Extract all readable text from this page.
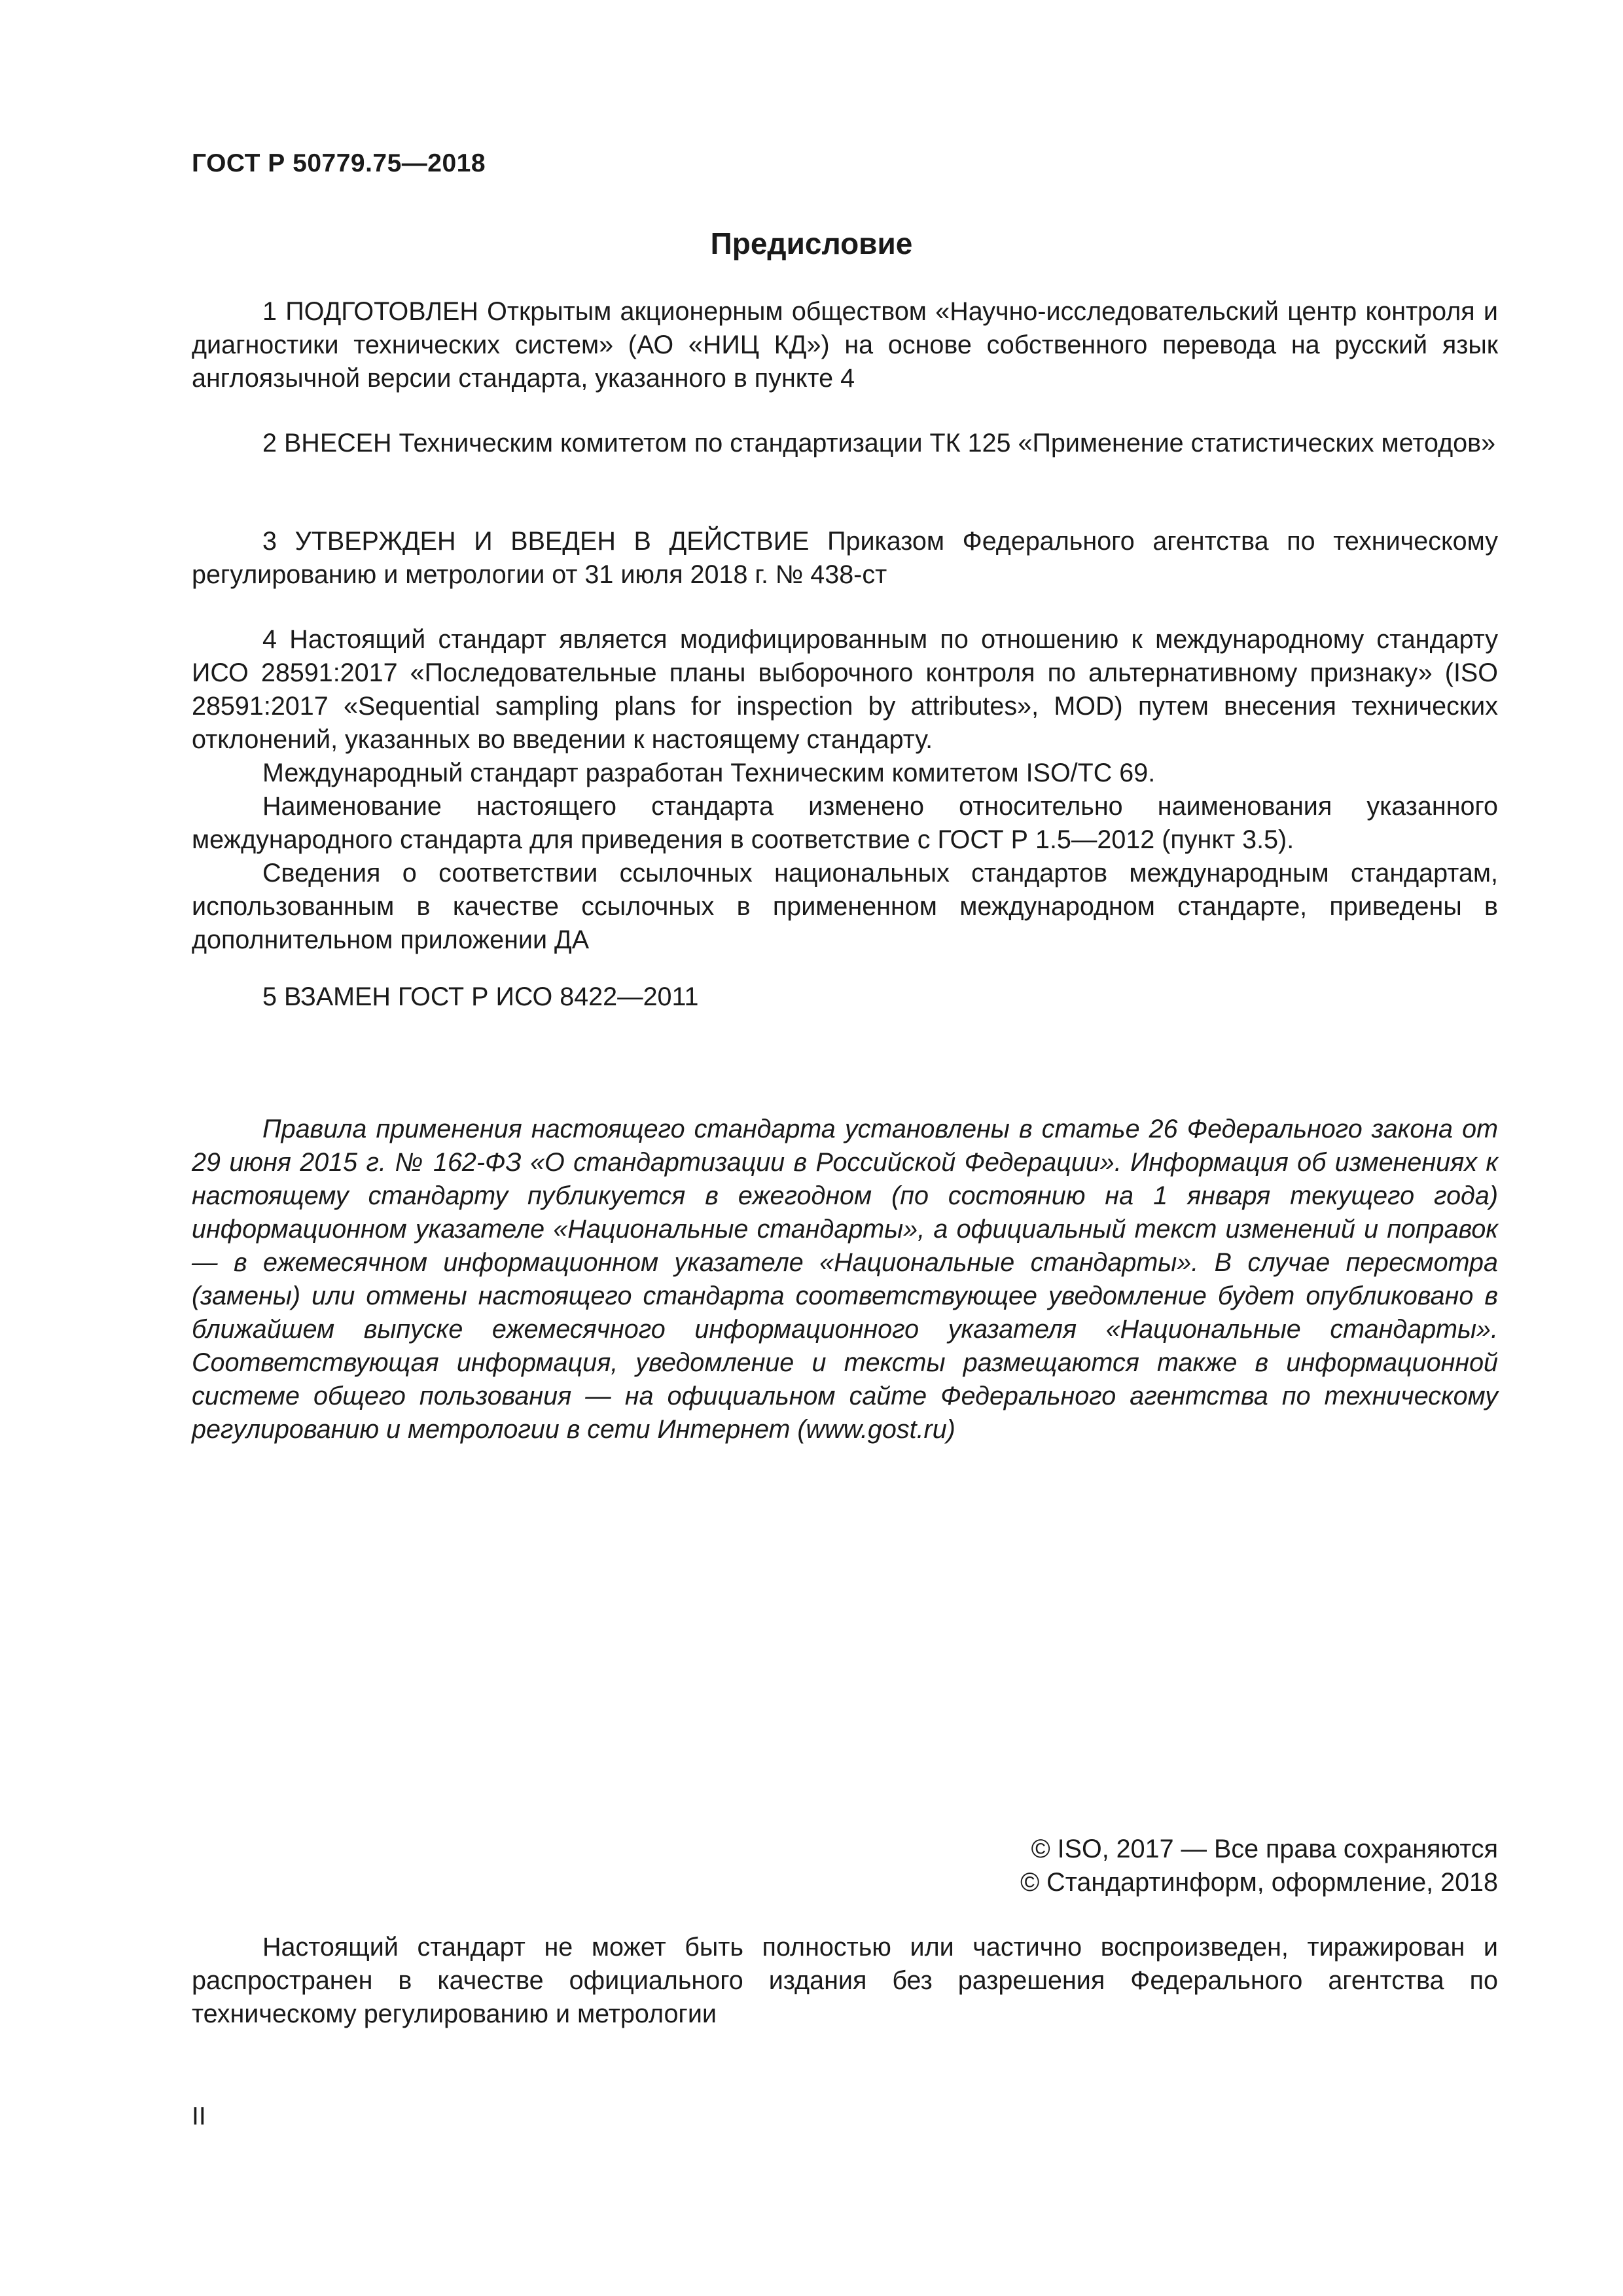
ГОСТ Р 50779.75—2018
Предисловие

1 ПОДГОТОВЛЕН Открытым акционерным обществом «Научно-исследовательский центр контроля и диагностики технических систем» (АО «НИЦ КД») на основе собственного перевода на русский язык англоязычной версии стандарта, указанного в пункте 4

2 ВНЕСЕН Техническим комитетом по стандартизации ТК 125 «Применение статистических методов»

3 УТВЕРЖДЕН И ВВЕДЕН В ДЕЙСТВИЕ Приказом Федерального агентства по техническому регулированию и метрологии от 31 июля 2018 г. № 438-ст

4 Настоящий стандарт является модифицированным по отношению к международному стандарту ИСО 28591:2017 «Последовательные планы выборочного контроля по альтернативному признаку» (ISO 28591:2017 «Sequential sampling plans for inspection by attributes», MOD) путем внесения технических отклонений, указанных во введении к настоящему стандарту.

Международный стандарт разработан Техническим комитетом ISO/TC 69.

Наименование настоящего стандарта изменено относительно наименования указанного международного стандарта для приведения в соответствие с ГОСТ Р 1.5—2012 (пункт 3.5).

Сведения о соответствии ссылочных национальных стандартов международным стандартам, использованным в качестве ссылочных в примененном международном стандарте, приведены в дополнительном приложении ДА

5 ВЗАМЕН ГОСТ Р ИСО 8422—2011

Правила применения настоящего стандарта установлены в статье 26 Федерального закона от 29 июня 2015 г. № 162-ФЗ «О стандартизации в Российской Федерации». Информация об изменениях к настоящему стандарту публикуется в ежегодном (по состоянию на 1 января текущего года) информационном указателе «Национальные стандарты», а официальный текст изменений и поправок — в ежемесячном информационном указателе «Национальные стандарты». В случае пересмотра (замены) или отмены настоящего стандарта соответствующее уведомление будет опубликовано в ближайшем выпуске ежемесячного информационного указателя «Национальные стандарты». Соответствующая информация, уведомление и тексты размещаются также в информационной системе общего пользования — на официальном сайте Федерального агентства по техническому регулированию и метрологии в сети Интернет (www.gost.ru)

© ISO, 2017 — Все права сохраняются
© Стандартинформ, оформление, 2018

Настоящий стандарт не может быть полностью или частично воспроизведен, тиражирован и распространен в качестве официального издания без разрешения Федерального агентства по техническому регулированию и метрологии

II
